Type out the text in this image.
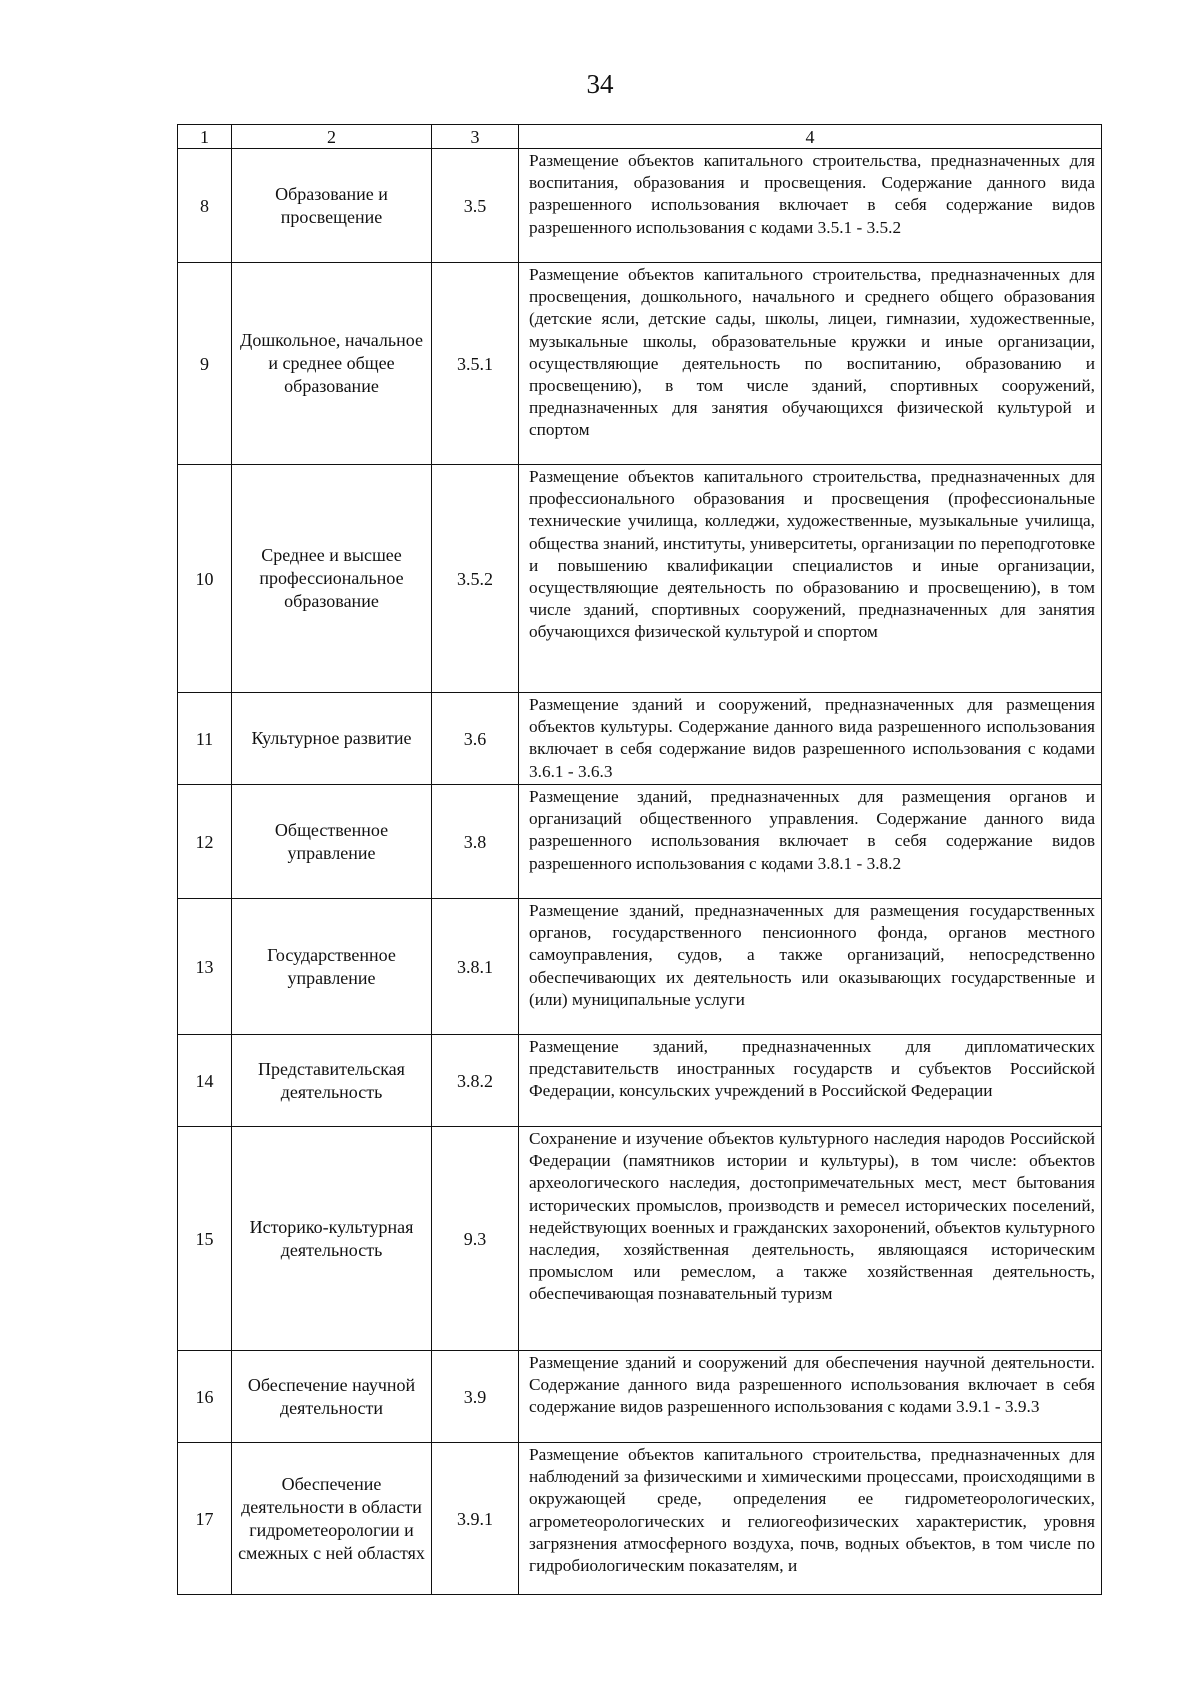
34
1	2	3	4
8	Образование и просвещение	3.5	Размещение объектов капитального строительства, предназначенных для воспитания, образования и просвещения. Содержание данного вида разрешенного использования включает в себя содержание видов разрешенного использования с кодами 3.5.1 - 3.5.2
9	Дошкольное, начальное и среднее общее образование	3.5.1	Размещение объектов капитального строительства, предназначенных для просвещения, дошкольного, начального и среднего общего образования (детские ясли, детские сады, школы, лицеи, гимназии, художественные, музыкальные школы, образовательные кружки и иные организации, осуществляющие деятельность по воспитанию, образованию и просвещению), в том числе зданий, спортивных сооружений, предназначенных для занятия обучающихся физической культурой и спортом
10	Среднее и высшее профессиональное образование	3.5.2	Размещение объектов капитального строительства, предназначенных для профессионального образования и просвещения (профессиональные технические училища, колледжи, художественные, музыкальные училища, общества знаний, институты, университеты, организации по переподготовке и повышению квалификации специалистов и иные организации, осуществляющие деятельность по образованию и просвещению), в том числе зданий, спортивных сооружений, предназначенных для занятия обучающихся физической культурой и спортом
11	Культурное развитие	3.6	Размещение зданий и сооружений, предназначенных для размещения объектов культуры. Содержание данного вида разрешенного использования включает в себя содержание видов разрешенного использования с кодами 3.6.1 - 3.6.3
12	Общественное управление	3.8	Размещение зданий, предназначенных для размещения органов и организаций общественного управления. Содержание данного вида разрешенного использования включает в себя содержание видов разрешенного использования с кодами 3.8.1 - 3.8.2
13	Государственное управление	3.8.1	Размещение зданий, предназначенных для размещения государственных органов, государственного пенсионного фонда, органов местного самоуправления, судов, а также организаций, непосредственно обеспечивающих их деятельность или оказывающих государственные и (или) муниципальные услуги
14	Представительская деятельность	3.8.2	Размещение зданий, предназначенных для дипломатических представительств иностранных государств и субъектов Российской Федерации, консульских учреждений в Российской Федерации
15	Историко-культурная деятельность	9.3	Сохранение и изучение объектов культурного наследия народов Российской Федерации (памятников истории и культуры), в том числе: объектов археологического наследия, достопримечательных мест, мест бытования исторических промыслов, производств и ремесел исторических поселений, недействующих военных и гражданских захоронений, объектов культурного наследия, хозяйственная деятельность, являющаяся историческим промыслом или ремеслом, а также хозяйственная деятельность, обеспечивающая познавательный туризм
16	Обеспечение научной деятельности	3.9	Размещение зданий и сооружений для обеспечения научной деятельности. Содержание данного вида разрешенного использования включает в себя содержание видов разрешенного использования с кодами 3.9.1 - 3.9.3
17	Обеспечение деятельности в области гидрометеорологии и смежных с ней областях	3.9.1	Размещение объектов капитального строительства, предназначенных для наблюдений за физическими и химическими процессами, происходящими в окружающей среде, определения ее гидрометеорологических, агрометеорологических и гелиогеофизических характеристик, уровня загрязнения атмосферного воздуха, почв, водных объектов, в том числе по гидробиологическим показателям, и
